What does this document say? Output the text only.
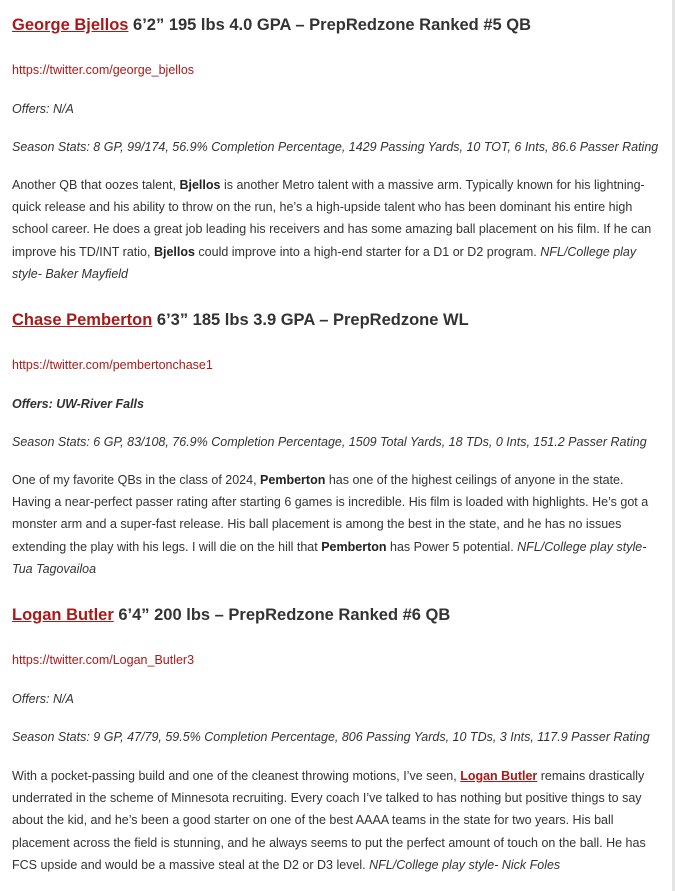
George Bjellos 6’2” 195 lbs 4.0 GPA – PrepRedzone Ranked #5 QB

https://twitter.com/george_bjellos
Offers: N/A
Season Stats: 8 GP, 99/174, 56.9% Completion Percentage, 1429 Passing Yards, 10 TOT, 6 Ints, 86.6 Passer Rating

Another QB that oozes talent, Bjellos is another Metro talent with a massive arm. Typically known for his lightning-quick release and his ability to throw on the run, he’s a high-upside talent who has been dominant his entire high school career. He does a great job leading his receivers and has some amazing ball placement on his film. If he can improve his TD/INT ratio, Bjellos could improve into a high-end starter for a D1 or D2 program. NFL/College play style- Baker Mayfield

Chase Pemberton 6’3” 185 lbs 3.9 GPA – PrepRedzone WL

https://twitter.com/pembertonchase1
Offers: UW-River Falls
Season Stats: 6 GP, 83/108, 76.9% Completion Percentage, 1509 Total Yards, 18 TDs, 0 Ints, 151.2 Passer Rating

One of my favorite QBs in the class of 2024, Pemberton has one of the highest ceilings of anyone in the state. Having a near-perfect passer rating after starting 6 games is incredible. His film is loaded with highlights. He’s got a monster arm and a super-fast release. His ball placement is among the best in the state, and he has no issues extending the play with his legs. I will die on the hill that Pemberton has Power 5 potential. NFL/College play style- Tua Tagovailoa

Logan Butler 6’4” 200 lbs – PrepRedzone Ranked #6 QB

https://twitter.com/Logan_Butler3
Offers: N/A
Season Stats: 9 GP, 47/79, 59.5% Completion Percentage, 806 Passing Yards, 10 TDs, 3 Ints, 117.9 Passer Rating

With a pocket-passing build and one of the cleanest throwing motions, I’ve seen, Logan Butler remains drastically underrated in the scheme of Minnesota recruiting. Every coach I’ve talked to has nothing but positive things to say about the kid, and he’s been a good starter on one of the best AAAA teams in the state for two years. His ball placement across the field is stunning, and he always seems to put the perfect amount of touch on the ball. He has FCS upside and would be a massive steal at the D2 or D3 level. NFL/College play style- Nick Foles
